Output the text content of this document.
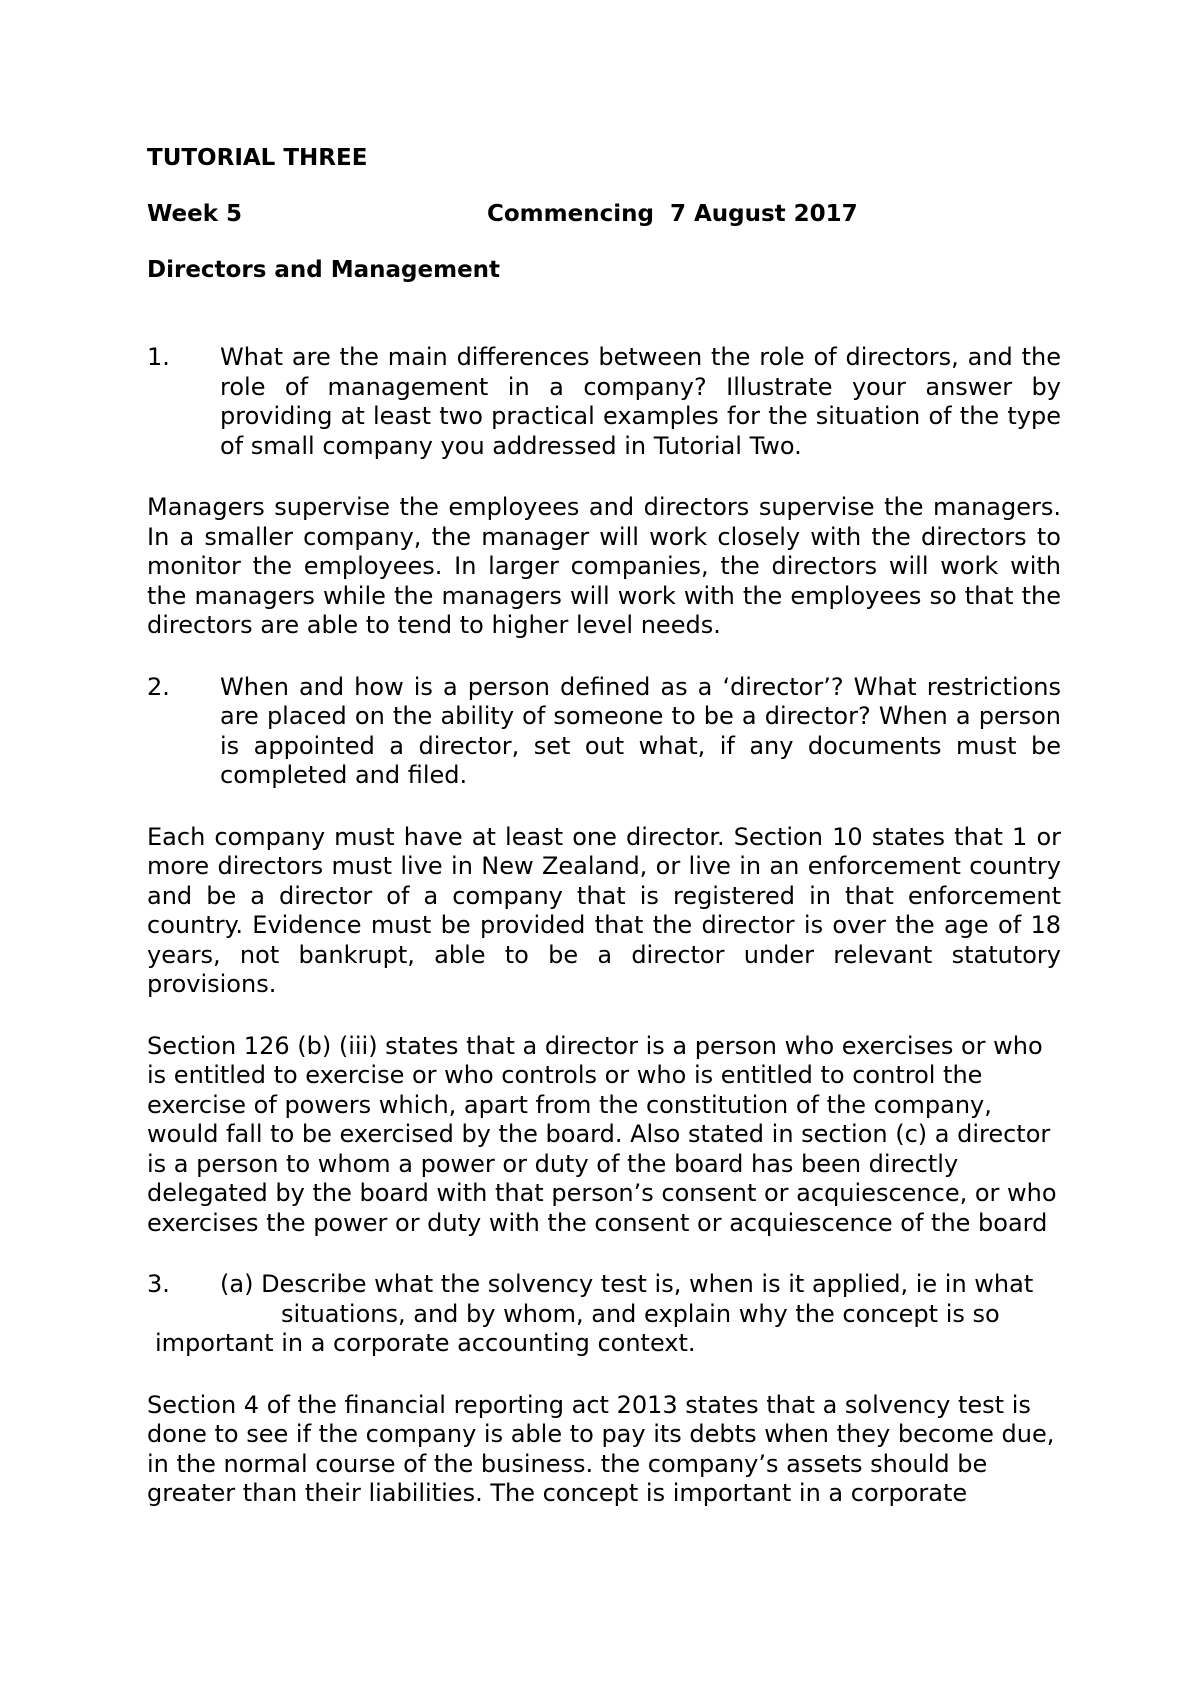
TUTORIAL THREE
Week 5	Commencing  7 August 2017
Directors and Management
1. What are the main differences between the role of directors, and the role of management in a company? Illustrate your answer by providing at least two practical examples for the situation of the type of small company you addressed in Tutorial Two.

Managers supervise the employees and directors supervise the managers. In a smaller company, the manager will work closely with the directors to monitor the employees. In larger companies, the directors will work with the managers while the managers will work with the employees so that the directors are able to tend to higher level needs.

2. When and how is a person defined as a ‘director’? What restrictions are placed on the ability of someone to be a director? When a person is appointed a director, set out what, if any documents must be completed and filed.

Each company must have at least one director. Section 10 states that 1 or more directors must live in New Zealand, or live in an enforcement country and be a director of a company that is registered in that enforcement country. Evidence must be provided that the director is over the age of 18 years, not bankrupt, able to be a director under relevant statutory provisions.

Section 126 (b) (iii) states that a director is a person who exercises or who is entitled to exercise or who controls or who is entitled to control the exercise of powers which, apart from the constitution of the company, would fall to be exercised by the board. Also stated in section (c) a director is a person to whom a power or duty of the board has been directly delegated by the board with that person’s consent or acquiescence, or who exercises the power or duty with the consent or acquiescence of the board

3.	(a) Describe what the solvency test is, when is it applied, ie in what
situations, and by whom, and explain why the concept is so
important in a corporate accounting context.

Section 4 of the financial reporting act 2013 states that a solvency test is done to see if the company is able to pay its debts when they become due, in the normal course of the business. the company’s assets should be greater than their liabilities. The concept is important in a corporate
